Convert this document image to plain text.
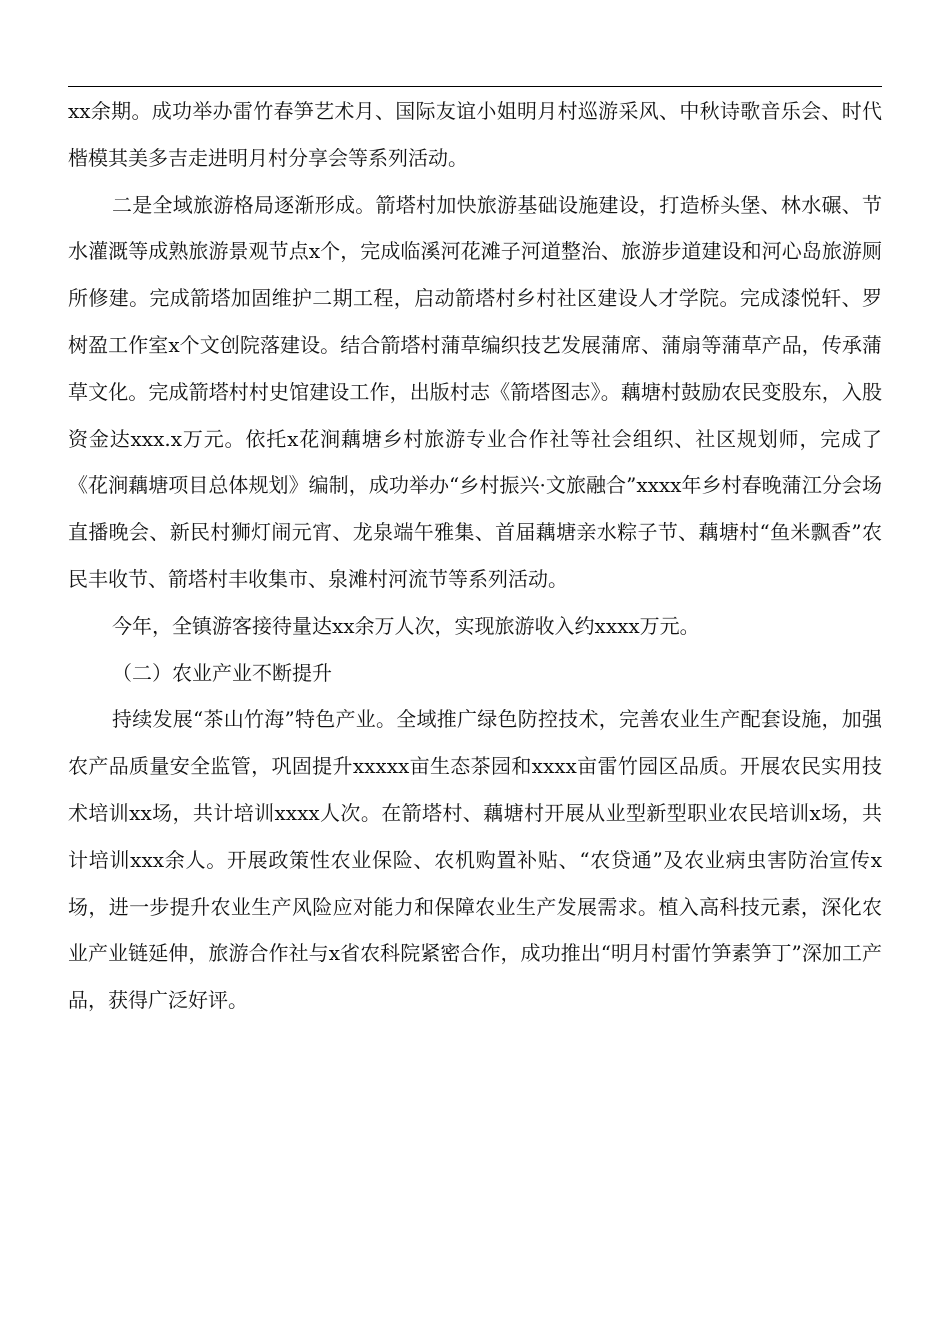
xx余期。成功举办雷竹春笋艺术月、国际友谊小姐明月村巡游采风、中秋诗歌音乐会、时代楷模其美多吉走进明月村分享会等系列活动。

二是全域旅游格局逐渐形成。箭塔村加快旅游基础设施建设，打造桥头堡、林水碾、节水灌溉等成熟旅游景观节点x个，完成临溪河花滩子河道整治、旅游步道建设和河心岛旅游厕所修建。完成箭塔加固维护二期工程，启动箭塔村乡村社区建设人才学院。完成漆悦轩、罗树盈工作室x个文创院落建设。结合箭塔村蒲草编织技艺发展蒲席、蒲扇等蒲草产品，传承蒲草文化。完成箭塔村村史馆建设工作，出版村志《箭塔图志》。藕塘村鼓励农民变股东，入股资金达xxx.x万元。依托x花涧藕塘乡村旅游专业合作社等社会组织、社区规划师，完成了《花涧藕塘项目总体规划》编制，成功举办“乡村振兴·文旅融合”xxxx年乡村春晚蒲江分会场直播晚会、新民村狮灯闹元宵、龙泉端午雅集、首届藕塘亲水粽子节、藕塘村“鱼米飘香”农民丰收节、箭塔村丰收集市、泉滩村河流节等系列活动。

今年，全镇游客接待量达xx余万人次，实现旅游收入约xxxx万元。

（二）农业产业不断提升

持续发展“茶山竹海”特色产业。全域推广绿色防控技术，完善农业生产配套设施，加强农产品质量安全监管，巩固提升xxxxx亩生态茶园和xxxx亩雷竹园区品质。开展农民实用技术培训xx场，共计培训xxxx人次。在箭塔村、藕塘村开展从业型新型职业农民培训x场，共计培训xxx余人。开展政策性农业保险、农机购置补贴、“农贷通”及农业病虫害防治宣传x场，进一步提升农业生产风险应对能力和保障农业生产发展需求。植入高科技元素，深化农业产业链延伸，旅游合作社与x省农科院紧密合作，成功推出“明月村雷竹笋素笋丁”深加工产品，获得广泛好评。
